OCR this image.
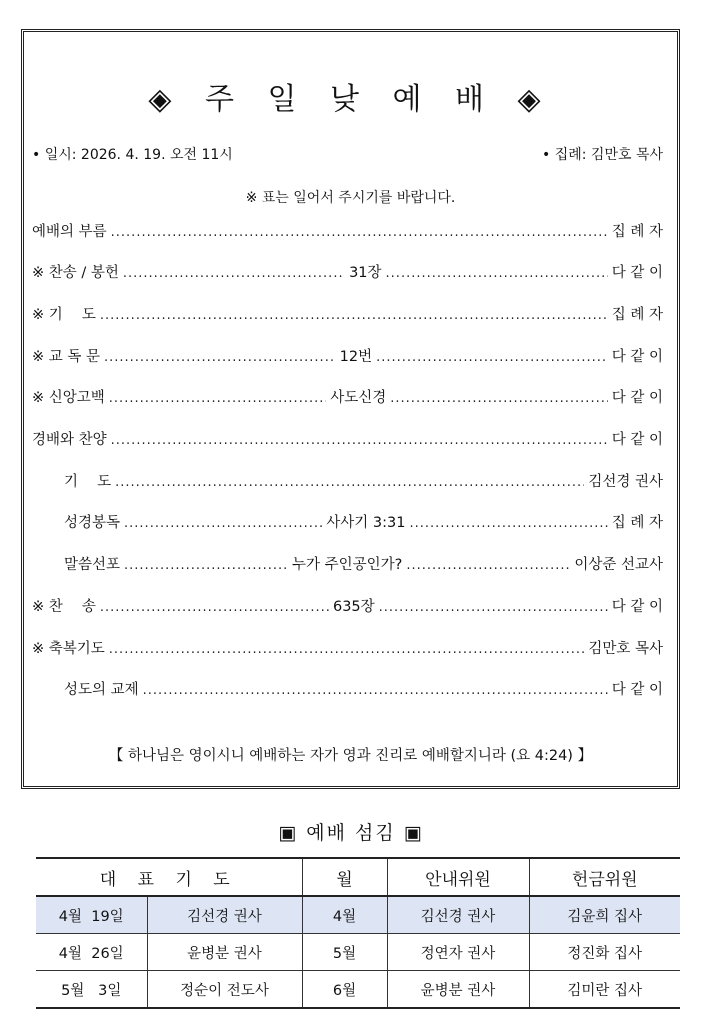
◈ 주 일 낮 예 배 ◈
• 일시: 2026. 4. 19. 오전 11시	• 집례: 김만호 목사
※ 표는 일어서 주시기를 바랍니다.
예배의 부름 .....	집 례 자
※ 찬송 / 봉헌 .....	31장 .....	다 같 이
※ 기　 도 .....	집 례 자
※ 교 독 문 .....	12번 .....	다 같 이
※ 신앙고백 .....	사도신경 .....	다 같 이
경배와 찬양 .....	다 같 이
기　 도 .....	김선경 권사
성경봉독 .....	사사기 3:31 .....	집 례 자
말씀선포 .....	누가 주인공인가? .....	이상준 선교사
※ 찬　 송 .....	635장 .....	다 같 이
※ 축복기도 .....	김만호 목사
성도의 교제 .....	다 같 이
【 하나님은 영이시니 예배하는 자가 영과 진리로 예배할지니라 (요 4:24) 】
▣ 예배 섬김 ▣
대 표 기 도		월	안내위원	헌금위원
4월  19일	김선경 권사	4월	김선경 권사	김윤희 집사
4월  26일	윤병분 권사	5월	정연자 권사	정진화 집사
5월   3일	정순이 전도사	6월	윤병분 권사	김미란 집사
